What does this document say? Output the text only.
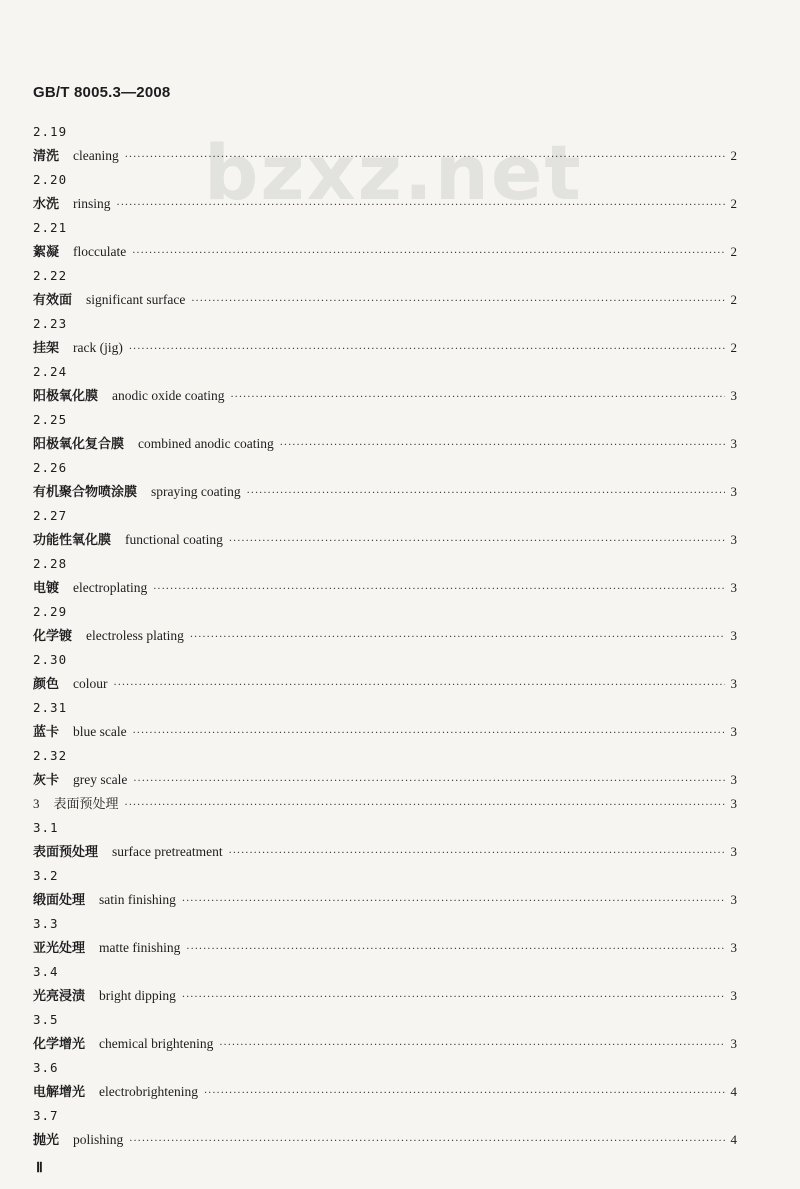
GB/T 8005.3—2008
bzxz.net
2.19
清洗 cleaning ·····	2
2.20
水洗 rinsing ·····	2
2.21
絮凝 flocculate ·····	2
2.22
有效面 significant surface ·····	2
2.23
挂架 rack (jig) ·····	2
2.24
阳极氧化膜 anodic oxide coating ·····	3
2.25
阳极氧化复合膜 combined anodic coating ·····	3
2.26
有机聚合物喷涂膜 spraying coating ·····	3
2.27
功能性氧化膜 functional coating ·····	3
2.28
电镀 electroplating ·····	3
2.29
化学镀 electroless plating ·····	3
2.30
颜色 colour ·····	3
2.31
蓝卡 blue scale ·····	3
2.32
灰卡 grey scale ·····	3
3 表面预处理 ·····	3
3.1
表面预处理 surface pretreatment ·····	3
3.2
缎面处理 satin finishing ·····	3
3.3
亚光处理 matte finishing ·····	3
3.4
光亮浸渍 bright dipping ·····	3
3.5
化学增光 chemical brightening ·····	3
3.6
电解增光 electrobrightening ·····	4
3.7
抛光 polishing ·····	4
Ⅱ
